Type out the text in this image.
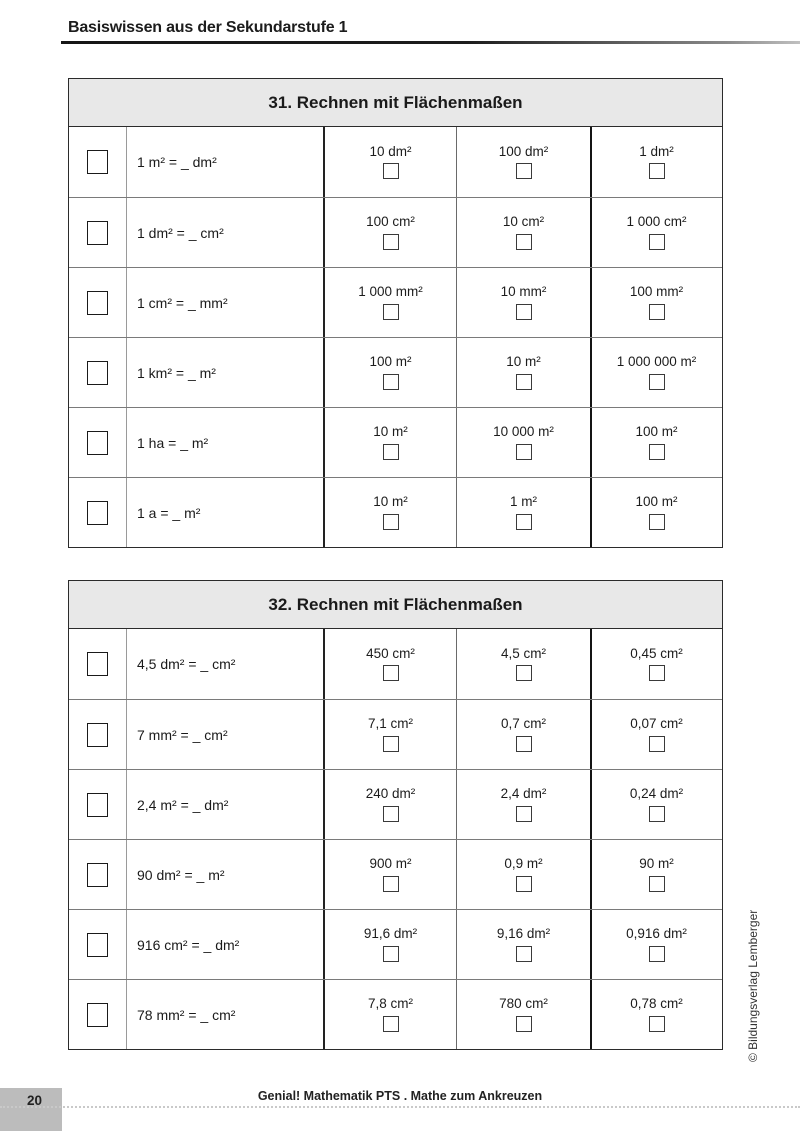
Basiswissen aus der Sekundarstufe 1
31. Rechnen mit Flächenmaßen
1 m² = _ dm²
10 dm²	100 dm²	1 dm²
1 dm² = _ cm²
100 cm²	10 cm²	1 000 cm²
1 cm² = _ mm²
1 000 mm²	10 mm²	100 mm²
1 km² = _ m²
100 m²	10 m²	1 000 000 m²
1 ha = _ m²
10 m²	10 000 m²	100 m²
1 a = _ m²
10 m²	1 m²	100 m²
32. Rechnen mit Flächenmaßen
4,5 dm² = _ cm²
450 cm²	4,5 cm²	0,45 cm²
7 mm² = _ cm²
7,1 cm²	0,7 cm²	0,07 cm²
2,4 m² = _ dm²
240 dm²	2,4 dm²	0,24 dm²
90 dm² = _ m²
900 m²	0,9 m²	90 m²
916 cm² = _ dm²
91,6 dm²	9,16 dm²	0,916 dm²
78 mm² = _ cm²
7,8 cm²	780 cm²	0,78 cm²	© Bildungsverlag Lemberger
20	Genial! Mathematik PTS . Mathe zum Ankreuzen
